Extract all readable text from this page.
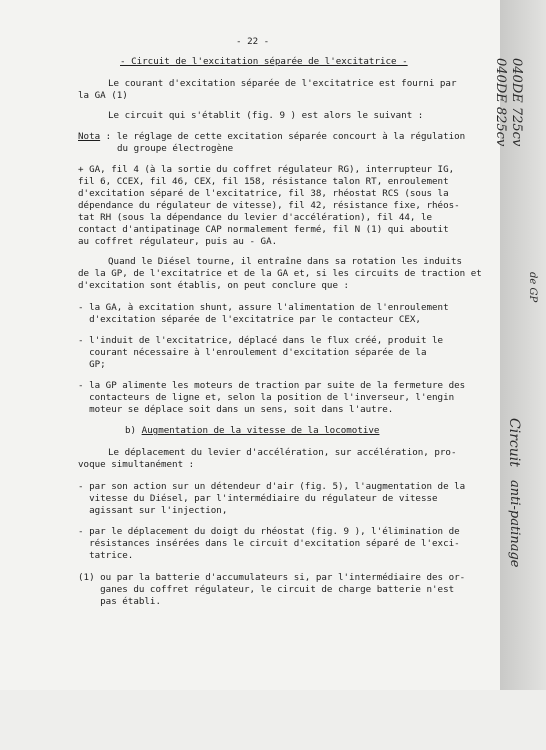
- 22 -
- Circuit de l'excitation séparée de l'excitatrice -
Le courant d'excitation séparée de l'excitatrice est fourni par
la GA (1)
Le circuit qui s'établit (fig. 9 ) est alors le suivant :
Nota : le réglage de cette excitation séparée concourt à la régulation
du groupe électrogène
+ GA, fil 4 (à la sortie du coffret régulateur RG), interrupteur IG,
fil 6, CCEX, fil 46, CEX, fil 158, résistance talon RT, enroulement
d'excitation séparé de l'excitatrice, fil 38, rhéostat RCS (sous la
dépendance du régulateur de vitesse), fil 42, résistance fixe, rhéos-
tat RH (sous la dépendance du levier d'accélération), fil 44, le
contact d'antipatinage CAP normalement fermé, fil N (1) qui aboutit
au coffret régulateur, puis au - GA.
Quand le Diésel tourne, il entraîne dans sa rotation les induits
de la GP, de l'excitatrice et de la GA et, si les circuits de traction et
d'excitation sont établis, on peut conclure que :
- la GA, à excitation shunt, assure l'alimentation de l'enroulement
d'excitation séparée de l'excitatrice par le contacteur CEX,
- l'induit de l'excitatrice, déplacé dans le flux créé, produit le
courant nécessaire à l'enroulement d'excitation séparée de la
GP;
- la GP alimente les moteurs de traction par suite de la fermeture des
contacteurs de ligne et, selon la position de l'inverseur, l'engin
moteur se déplace soit dans un sens, soit dans l'autre.
b) Augmentation de la vitesse de la locomotive
Le déplacement du levier d'accélération, sur accélération, pro-
voque simultanément :
- par son action sur un détendeur d'air (fig. 5), l'augmentation de la
vitesse du Diésel, par l'intermédiaire du régulateur de vitesse
agissant sur l'injection,
- par le déplacement du doigt du rhéostat (fig. 9 ), l'élimination de
résistances insérées dans le circuit d'excitation séparé de l'exci-
tatrice.
(1) ou par la batterie d'accumulateurs si, par l'intermédiaire des or-
ganes du coffret régulateur, le circuit de charge batterie n'est
pas établi.
040DE 725cv
040DE 825cv
de GP
Circuit
anti-patinage
